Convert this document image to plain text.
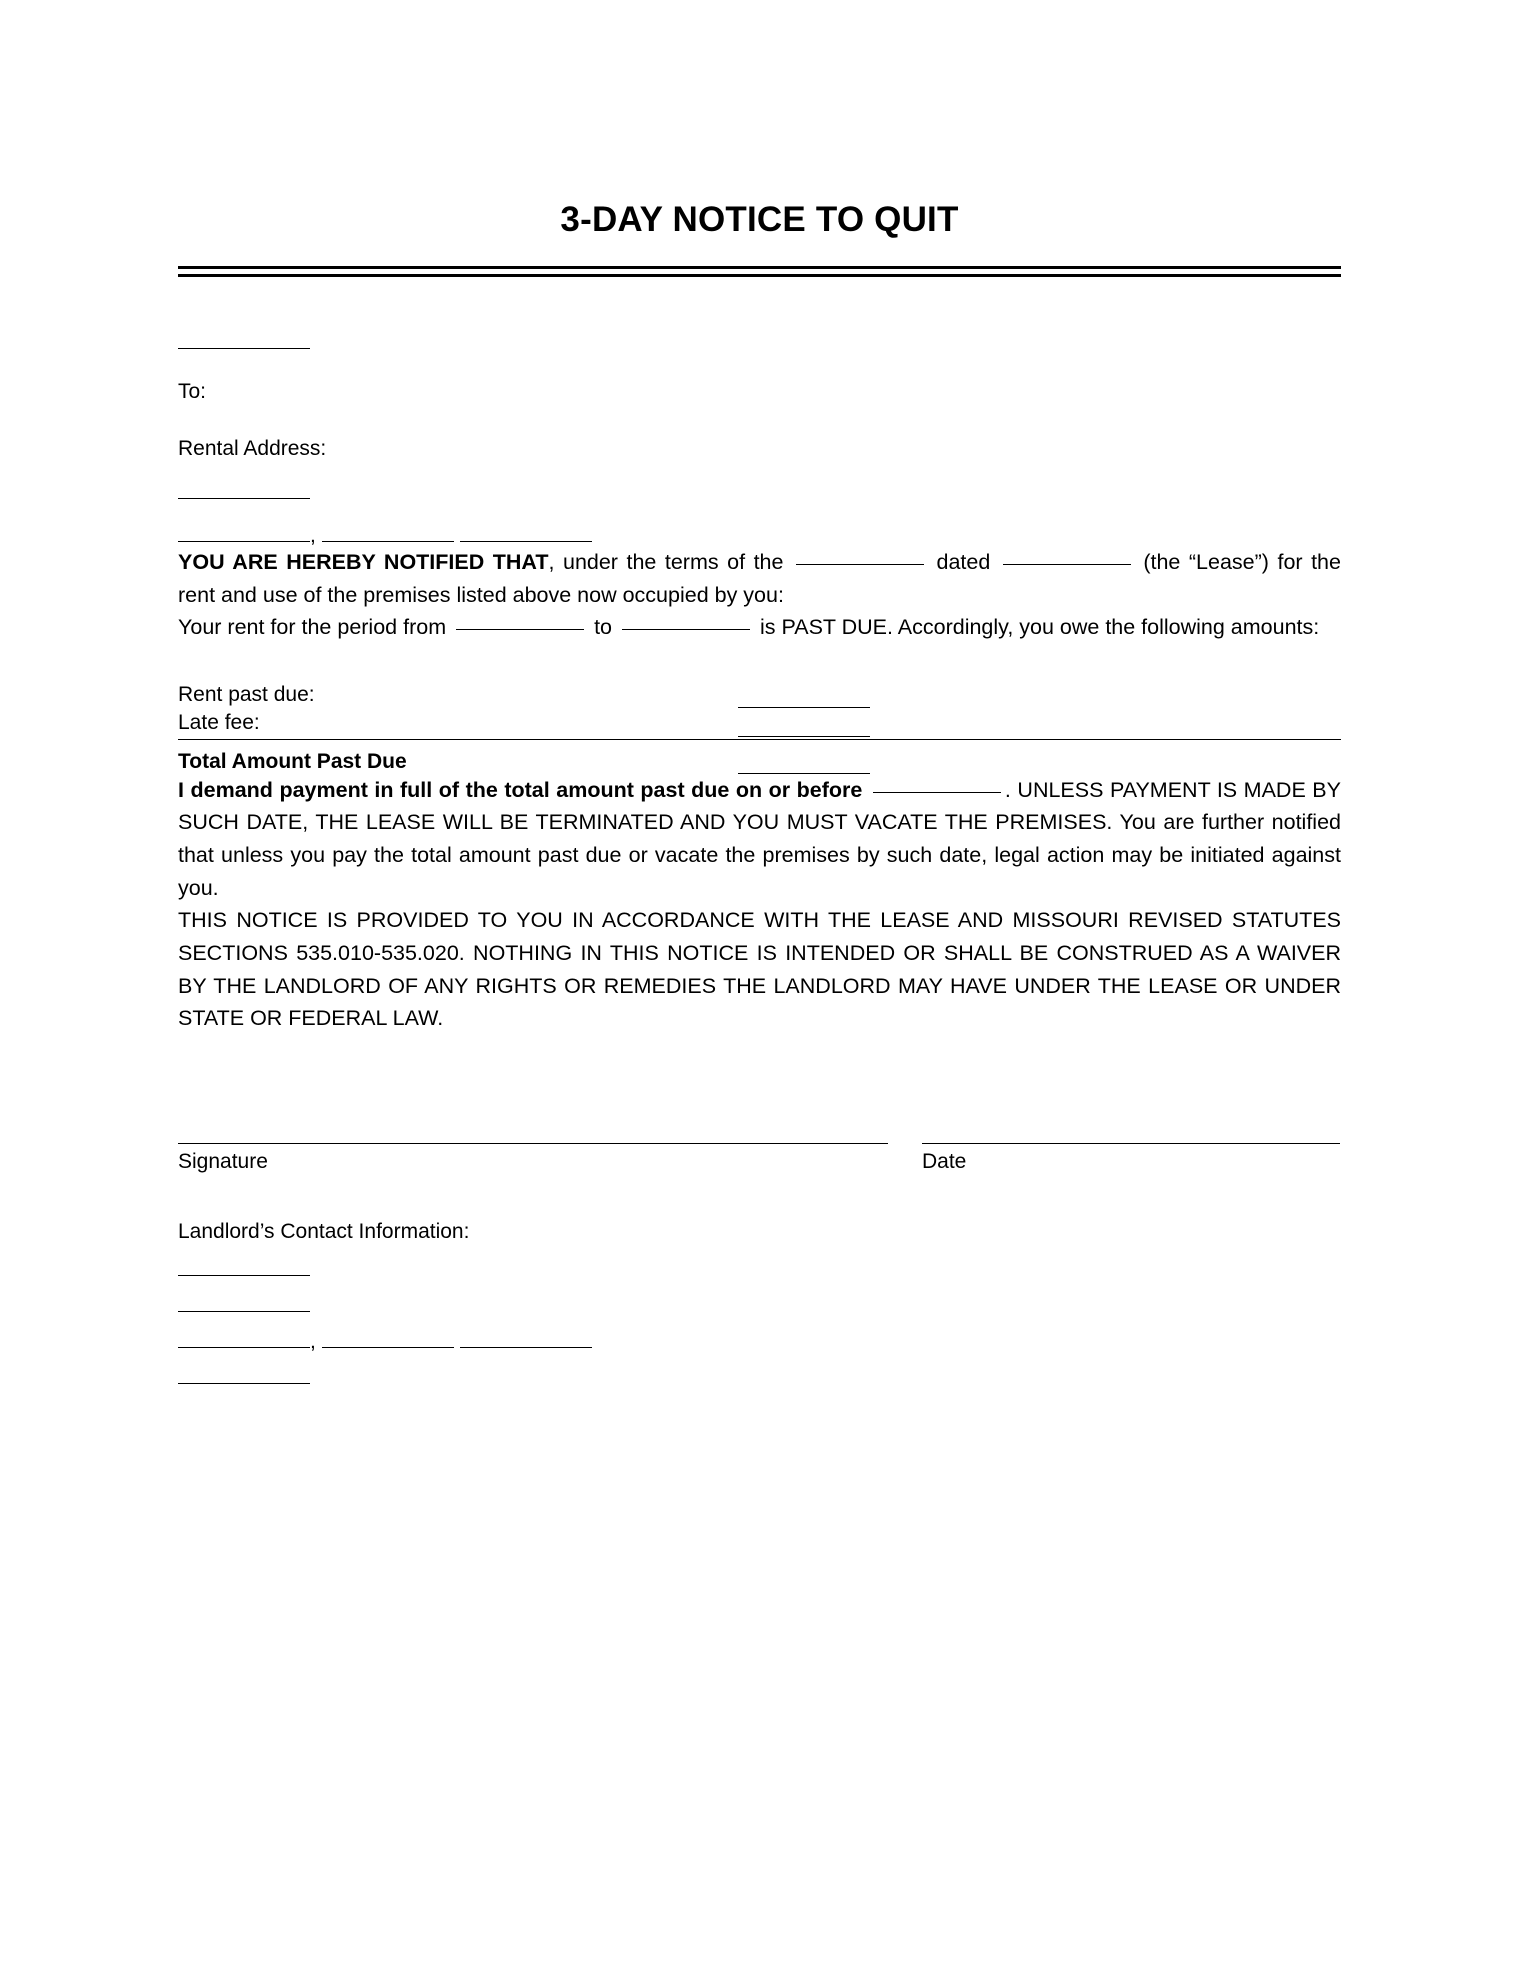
3-DAY NOTICE TO QUIT
To:
Rental Address:
,

YOU ARE HEREBY NOTIFIED THAT, under the terms of the	dated	(the “Lease”) for the rent and use of the premises listed above now occupied by you:

Your rent for the period from	to	is PAST DUE. Accordingly, you owe the following amounts:

Rent past due:
Late fee:
Total Amount Past Due

I demand payment in full of the total amount past due on or before	. UNLESS PAYMENT IS MADE BY SUCH DATE, THE LEASE WILL BE TERMINATED AND YOU MUST VACATE THE PREMISES. You are further notified that unless you pay the total amount past due or vacate the premises by such date, legal action may be initiated against you.

THIS NOTICE IS PROVIDED TO YOU IN ACCORDANCE WITH THE LEASE AND MISSOURI REVISED STATUTES SECTIONS 535.010-535.020. NOTHING IN THIS NOTICE IS INTENDED OR SHALL BE CONSTRUED AS A WAIVER BY THE LANDLORD OF ANY RIGHTS OR REMEDIES THE LANDLORD MAY HAVE UNDER THE LEASE OR UNDER STATE OR FEDERAL LAW.

Signature	Date
Landlord’s Contact Information:
,
